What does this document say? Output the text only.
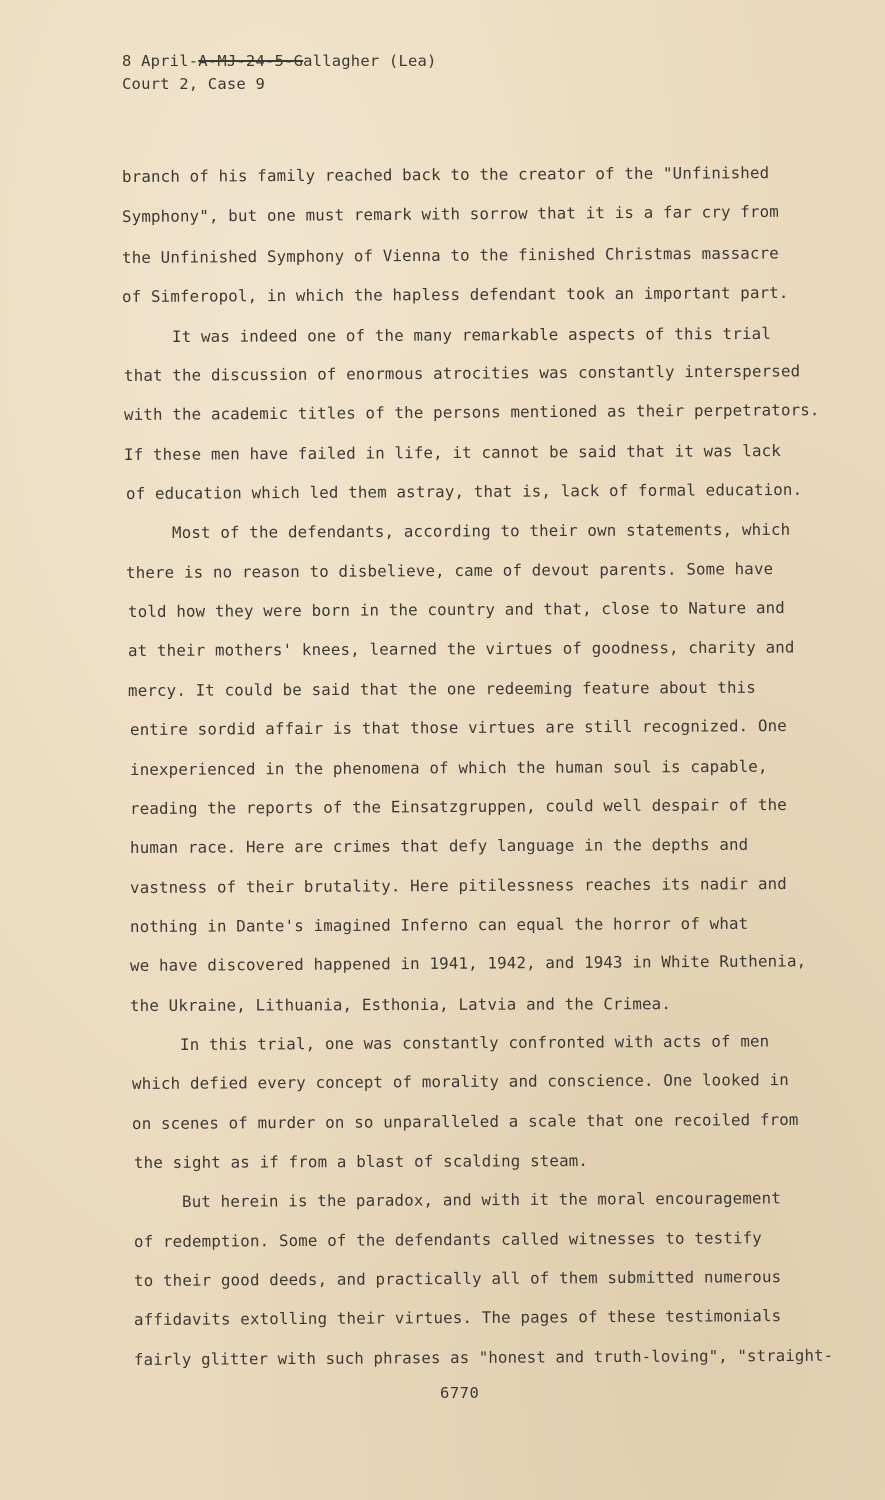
8 April-A-MJ-24-5-Gallagher (Lea)
Court 2, Case 9
branch of his family reached back to the creator of the "Unfinished
Symphony", but one must remark with sorrow that it is a far cry from
the Unfinished Symphony of Vienna to the finished Christmas massacre
of Simferopol, in which the hapless defendant took an important part.
It was indeed one of the many remarkable aspects of this trial
that the discussion of enormous atrocities was constantly interspersed
with the academic titles of the persons mentioned as their perpetrators.
If these men have failed in life, it cannot be said that it was lack
of education which led them astray, that is, lack of formal education.
Most of the defendants, according to their own statements, which
there is no reason to disbelieve, came of devout parents. Some have
told how they were born in the country and that, close to Nature and
at their mothers' knees, learned the virtues of goodness, charity and
mercy. It could be said that the one redeeming feature about this
entire sordid affair is that those virtues are still recognized. One
inexperienced in the phenomena of which the human soul is capable,
reading the reports of the Einsatzgruppen, could well despair of the
human race. Here are crimes that defy language in the depths and
vastness of their brutality. Here pitilessness reaches its nadir and
nothing in Dante's imagined Inferno can equal the horror of what
we have discovered happened in 1941, 1942, and 1943 in White Ruthenia,
the Ukraine, Lithuania, Esthonia, Latvia and the Crimea.
In this trial, one was constantly confronted with acts of men
which defied every concept of morality and conscience. One looked in
on scenes of murder on so unparalleled a scale that one recoiled from
the sight as if from a blast of scalding steam.
But herein is the paradox, and with it the moral encouragement
of redemption. Some of the defendants called witnesses to testify
to their good deeds, and practically all of them submitted numerous
affidavits extolling their virtues. The pages of these testimonials
fairly glitter with such phrases as "honest and truth-loving", "straight-
6770
